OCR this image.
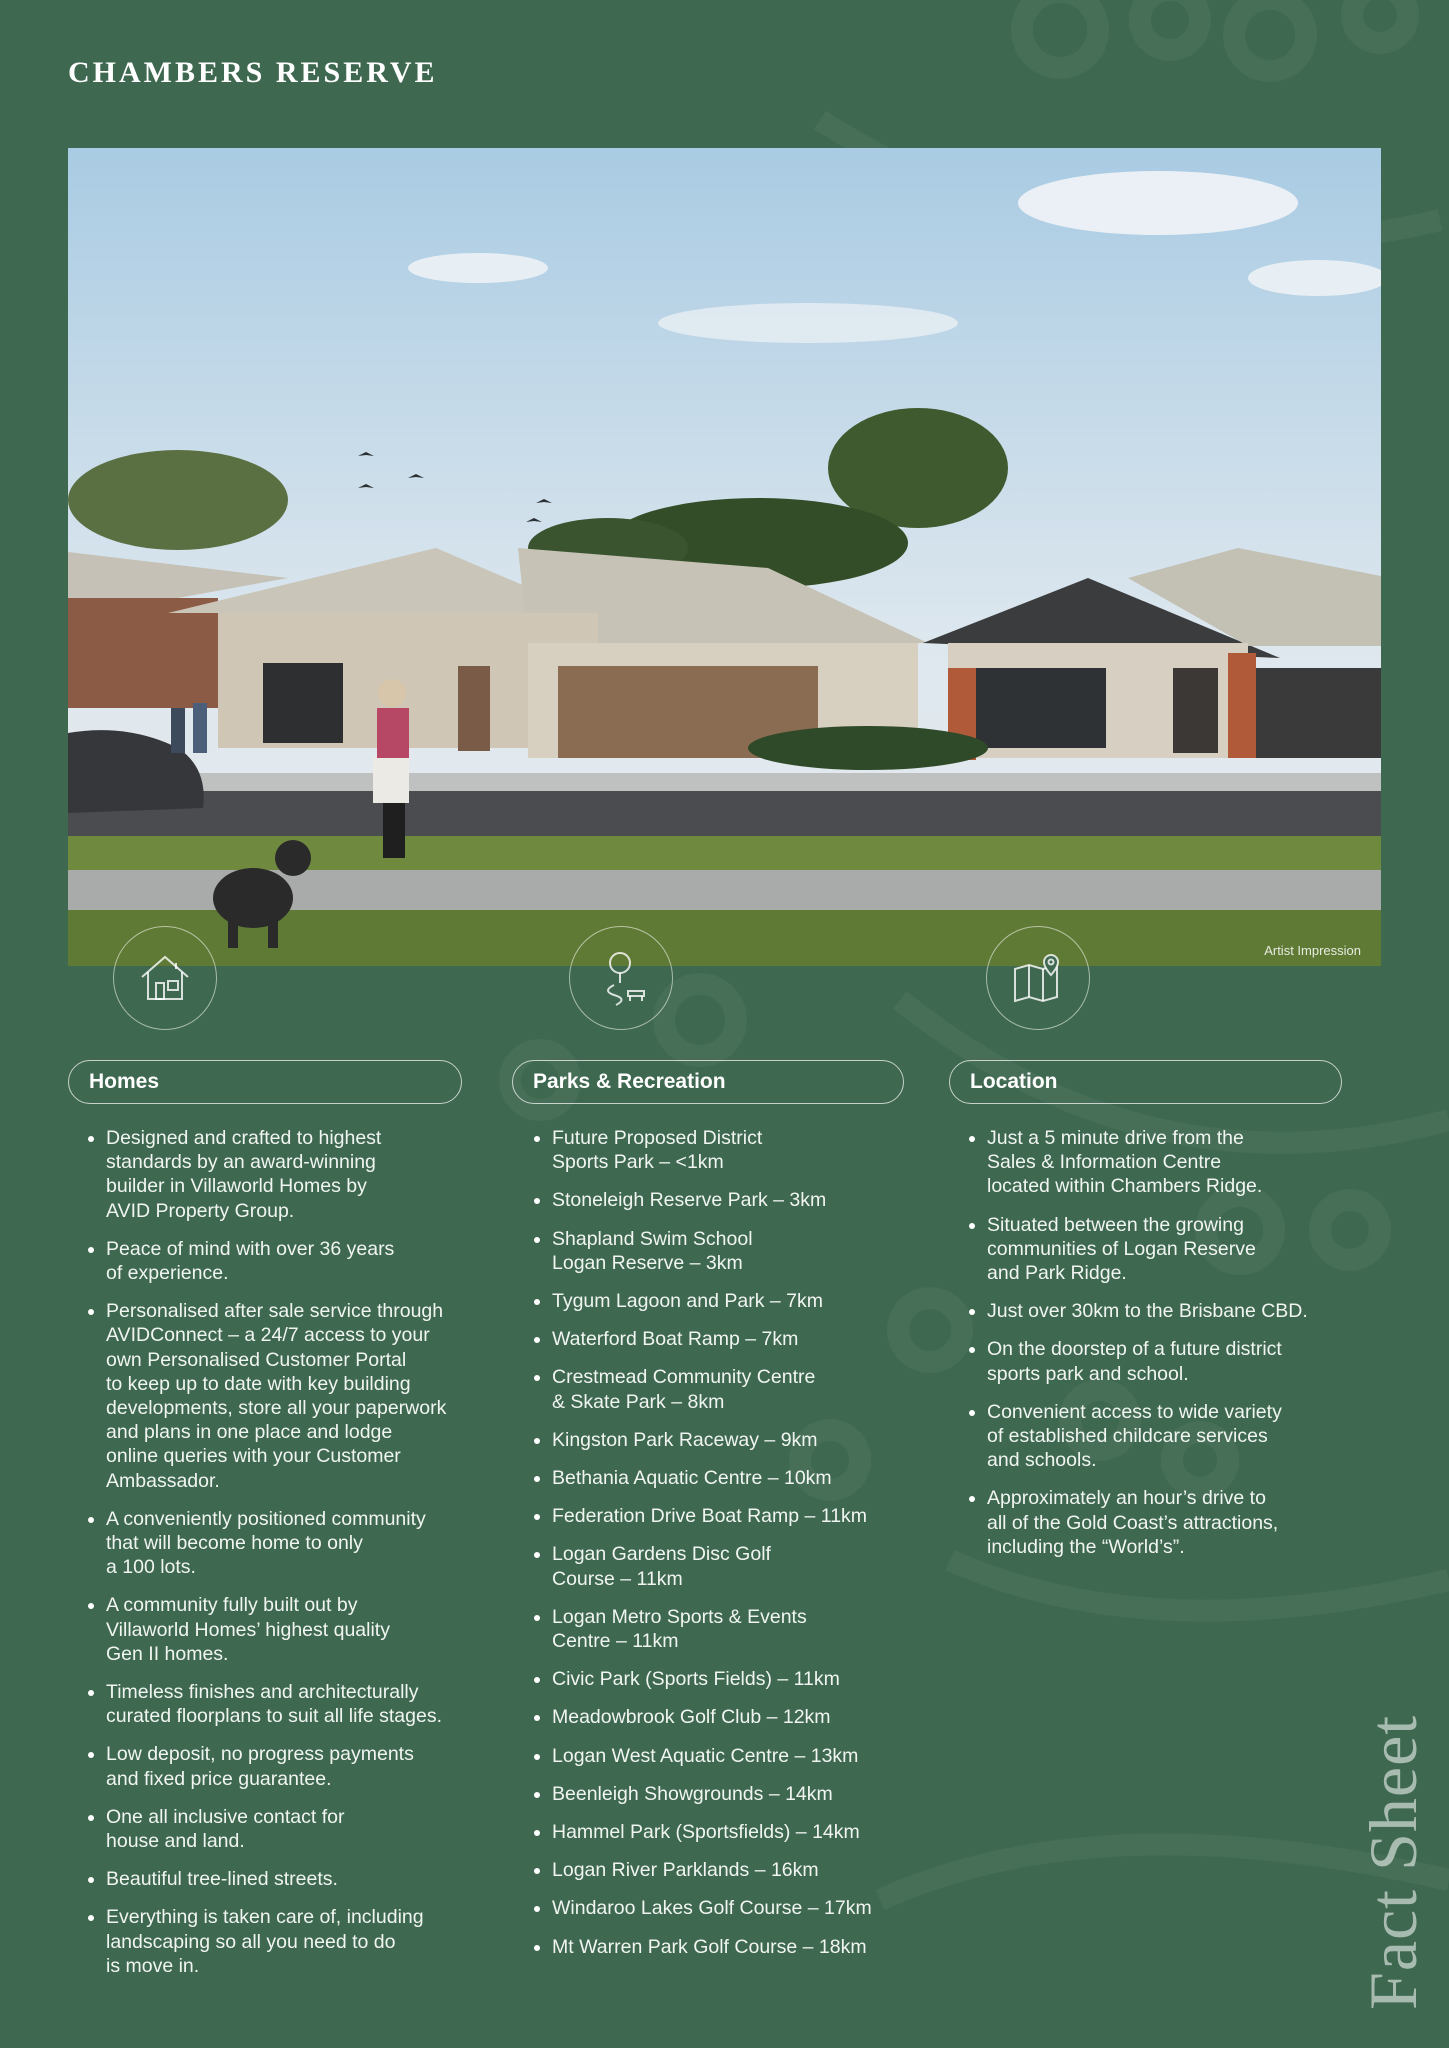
CHAMBERS RESERVE
Artist Impression
Homes
Designed and crafted to highest
standards by an award-winning
builder in Villaworld Homes by
AVID Property Group.
Peace of mind with over 36 years
of experience.
Personalised after sale service through
AVIDConnect – a 24/7 access to your
own Personalised Customer Portal
to keep up to date with key building
developments, store all your paperwork
and plans in one place and lodge
online queries with your Customer
Ambassador.
A conveniently positioned community
that will become home to only
a 100 lots.
A community fully built out by
Villaworld Homes’ highest quality
Gen II homes.
Timeless finishes and architecturally
curated floorplans to suit all life stages.
Low deposit, no progress payments
and fixed price guarantee.
One all inclusive contact for
house and land.
Beautiful tree-lined streets.
Everything is taken care of, including
landscaping so all you need to do
is move in.
Parks & Recreation
Future Proposed District
Sports Park – <1km
Stoneleigh Reserve Park – 3km
Shapland Swim School
Logan Reserve – 3km
Tygum Lagoon and Park – 7km
Waterford Boat Ramp – 7km
Crestmead Community Centre
& Skate Park – 8km
Kingston Park Raceway – 9km
Bethania Aquatic Centre – 10km
Federation Drive Boat Ramp – 11km
Logan Gardens Disc Golf
Course – 11km
Logan Metro Sports & Events
Centre – 11km
Civic Park (Sports Fields) – 11km
Meadowbrook Golf Club – 12km
Logan West Aquatic Centre – 13km
Beenleigh Showgrounds – 14km
Hammel Park (Sportsfields) – 14km
Logan River Parklands – 16km
Windaroo Lakes Golf Course – 17km
Mt Warren Park Golf Course – 18km
Location
Just a 5 minute drive from the
Sales & Information Centre
located within Chambers Ridge.
Situated between the growing
communities of Logan Reserve
and Park Ridge.
Just over 30km to the Brisbane CBD.
On the doorstep of a future district
sports park and school.
Convenient access to wide variety
of established childcare services
and schools.
Approximately an hour’s drive to
all of the Gold Coast’s attractions,
including the “World’s”.
Fact Sheet
